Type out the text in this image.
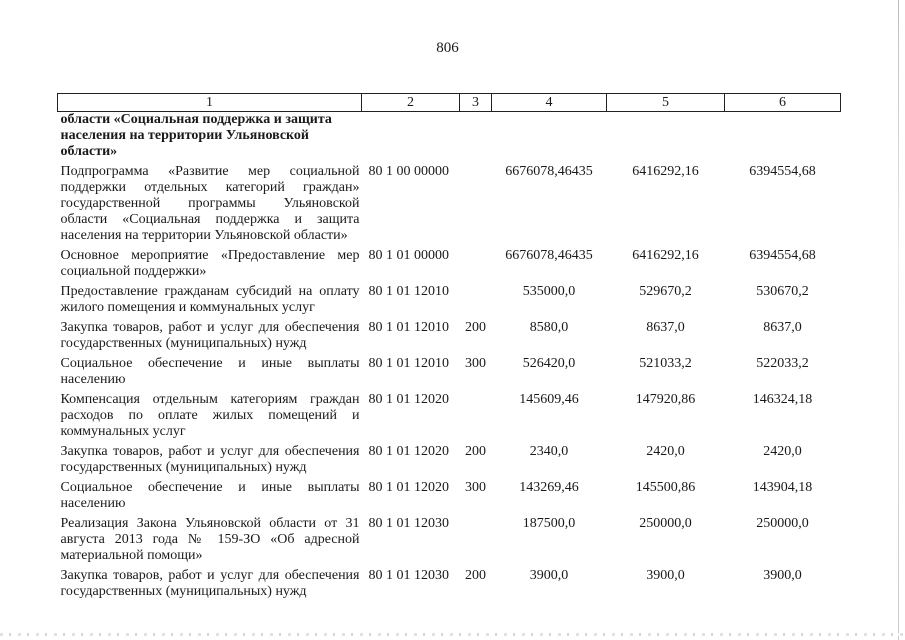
806
1	2	3	4	5	6
области «Социальная поддержка и защита населения на территории Ульяновской области»					
Подпрограмма «Развитие мер социальной поддержки отдельных категорий граждан» государственной программы Ульяновской области «Социальная поддержка и защита населения на территории Ульяновской области»	80 1 00 00000		6676078,46435	6416292,16	6394554,68
Основное мероприятие «Предоставление мер социальной поддержки»	80 1 01 00000		6676078,46435	6416292,16	6394554,68
Предоставление гражданам субсидий на оплату жилого помещения и коммунальных услуг	80 1 01 12010		535000,0	529670,2	530670,2
Закупка товаров, работ и услуг для обеспечения государственных (муниципальных) нужд	80 1 01 12010	200	8580,0	8637,0	8637,0
Социальное обеспечение и иные выплаты населению	80 1 01 12010	300	526420,0	521033,2	522033,2
Компенсация отдельным категориям граждан расходов по оплате жилых помещений и коммунальных услуг	80 1 01 12020		145609,46	147920,86	146324,18
Закупка товаров, работ и услуг для обеспечения государственных (муниципальных) нужд	80 1 01 12020	200	2340,0	2420,0	2420,0
Социальное обеспечение и иные выплаты населению	80 1 01 12020	300	143269,46	145500,86	143904,18
Реализация Закона Ульяновской области от 31 августа 2013 года № 159-ЗО «Об адресной материальной помощи»	80 1 01 12030		187500,0	250000,0	250000,0
Закупка товаров, работ и услуг для обеспечения государственных (муниципальных) нужд	80 1 01 12030	200	3900,0	3900,0	3900,0
